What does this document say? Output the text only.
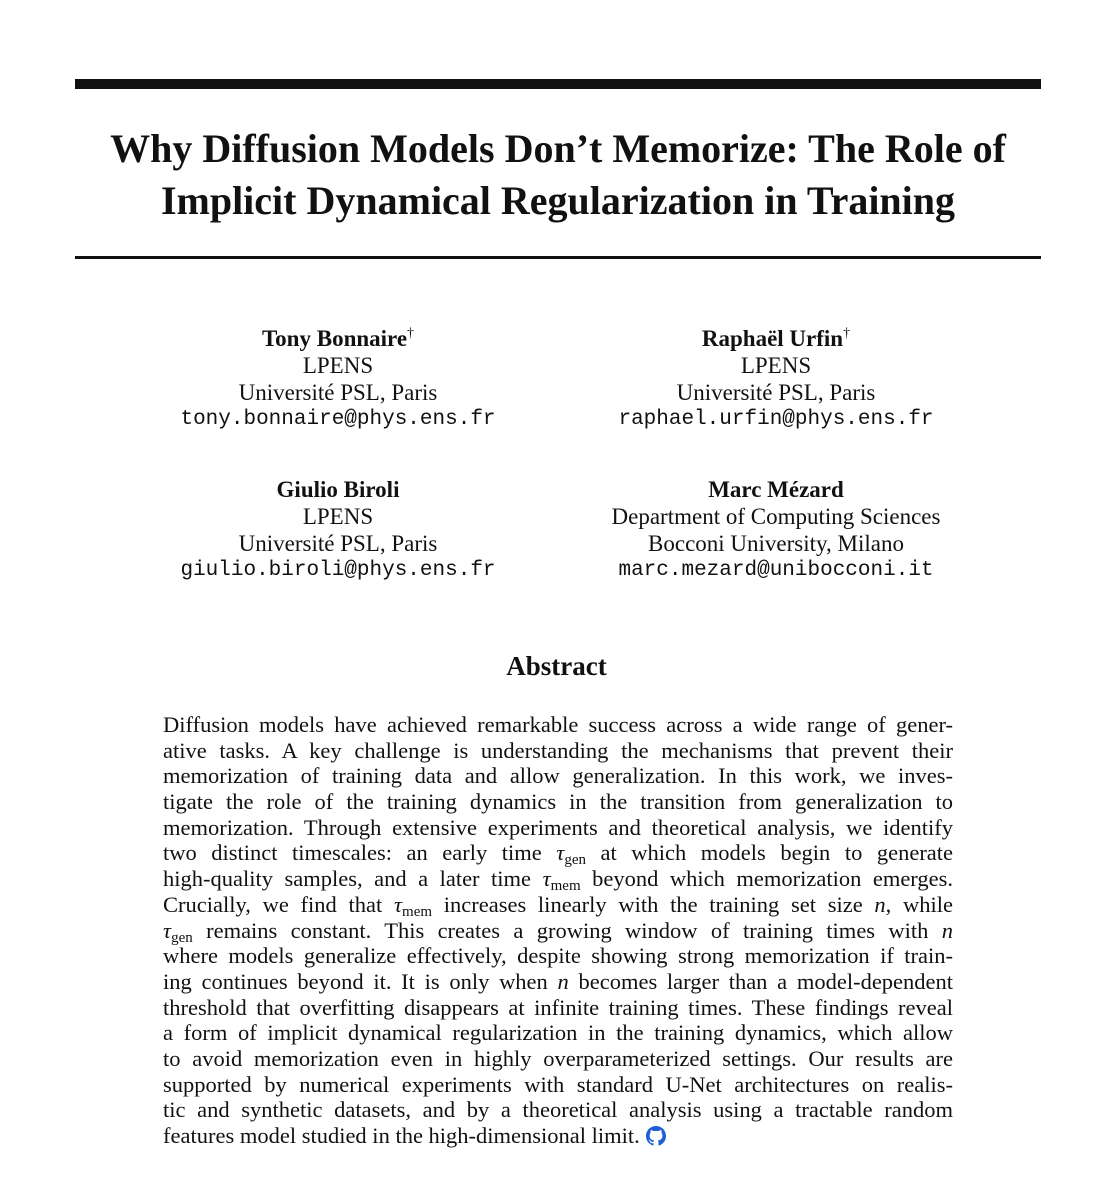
Why Diffusion Models Don’t Memorize: The Role of
Implicit Dynamical Regularization in Training
Tony Bonnaire†
LPENS
Université PSL, Paris
tony.bonnaire@phys.ens.fr
Raphaël Urfin†
LPENS
Université PSL, Paris
raphael.urfin@phys.ens.fr
Giulio Biroli
LPENS
Université PSL, Paris
giulio.biroli@phys.ens.fr
Marc Mézard
Department of Computing Sciences
Bocconi University, Milano
marc.mezard@unibocconi.it
Abstract
Diffusion models have achieved remarkable success across a wide range of gener-
ative tasks. A key challenge is understanding the mechanisms that prevent their
memorization of training data and allow generalization. In this work, we inves-
tigate the role of the training dynamics in the transition from generalization to
memorization. Through extensive experiments and theoretical analysis, we identify
two distinct timescales: an early time $\tau_{gen}$ at which models begin to generate
high-quality samples, and a later time $\tau_{mem}$ beyond which memorization emerges.
Crucially, we find that $\tau_{mem}$ increases linearly with the training set size n, while
$\tau_{gen}$ remains constant. This creates a growing window of training times with n
where models generalize effectively, despite showing strong memorization if train-
ing continues beyond it. It is only when n becomes larger than a model-dependent
threshold that overfitting disappears at infinite training times. These findings reveal
a form of implicit dynamical regularization in the training dynamics, which allow
to avoid memorization even in highly overparameterized settings. Our results are
supported by numerical experiments with standard U-Net architectures on realis-
tic and synthetic datasets, and by a theoretical analysis using a tractable random
features model studied in the high-dimensional limit.
